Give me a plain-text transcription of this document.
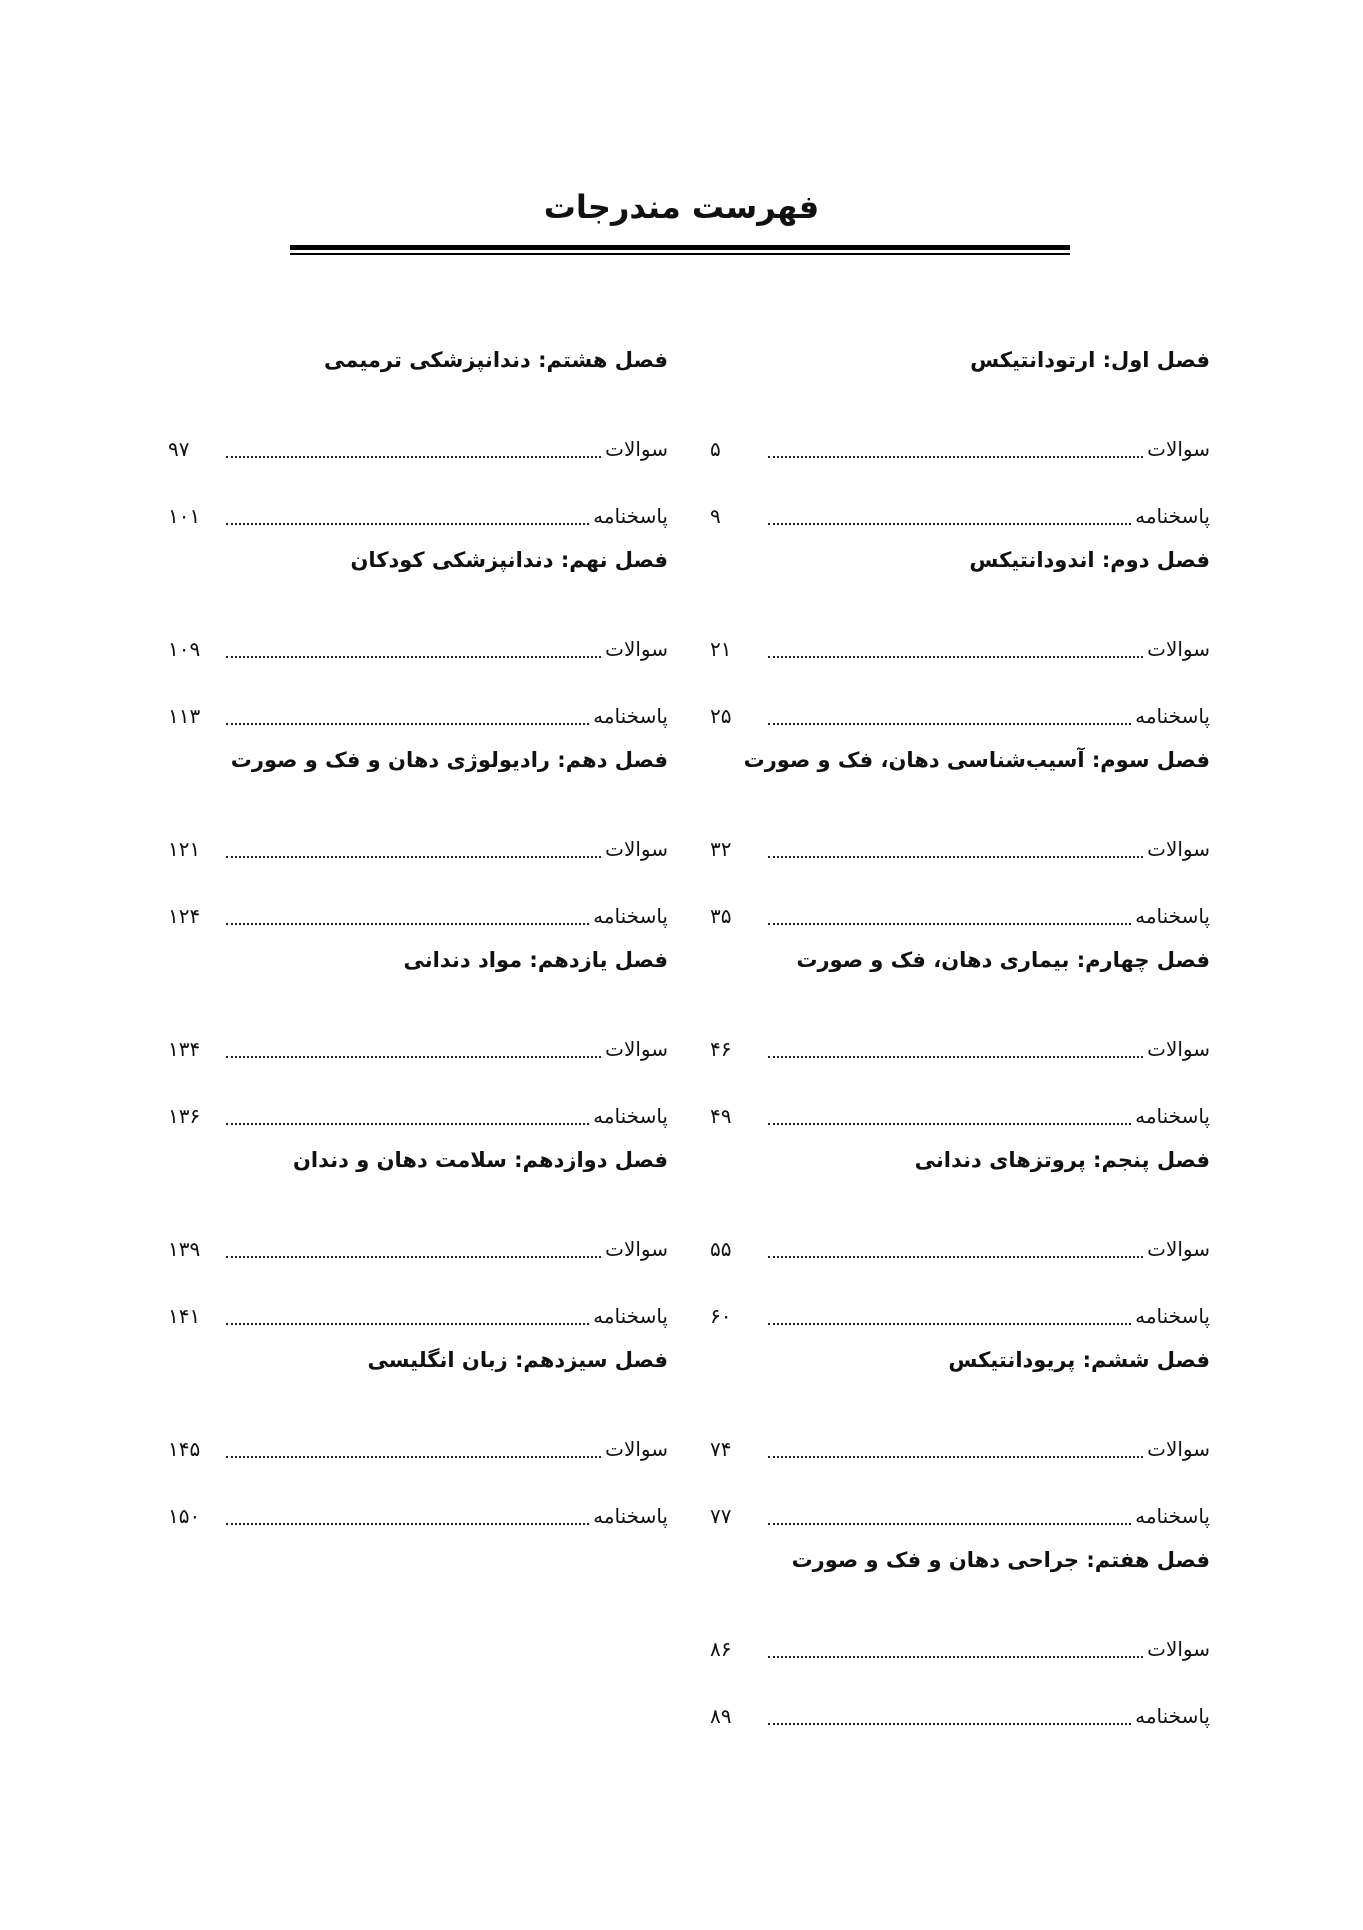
فهرست مندرجات
فصل اول: ارتودانتیکس
سوالات
۵
پاسخنامه
۹
فصل دوم: اندودانتیکس
سوالات
۲۱
پاسخنامه
۲۵
فصل سوم: آسیب‌شناسی دهان، فک و صورت
سوالات
۳۲
پاسخنامه
۳۵
فصل چهارم: بیماری دهان، فک و صورت
سوالات
۴۶
پاسخنامه
۴۹
فصل پنجم: پروتزهای دندانی
سوالات
۵۵
پاسخنامه
۶۰
فصل ششم: پریودانتیکس
سوالات
۷۴
پاسخنامه
۷۷
فصل هفتم: جراحی دهان و فک و صورت
سوالات
۸۶
پاسخنامه
۸۹
فصل هشتم: دندانپزشکی ترمیمی
سوالات
۹۷
پاسخنامه
۱۰۱
فصل نهم: دندانپزشکی کودکان
سوالات
۱۰۹
پاسخنامه
۱۱۳
فصل دهم: رادیولوژی دهان و فک و صورت
سوالات
۱۲۱
پاسخنامه
۱۲۴
فصل یازدهم: مواد دندانی
سوالات
۱۳۴
پاسخنامه
۱۳۶
فصل دوازدهم: سلامت دهان و دندان
سوالات
۱۳۹
پاسخنامه
۱۴۱
فصل سیزدهم: زبان انگلیسی
سوالات
۱۴۵
پاسخنامه
۱۵۰
